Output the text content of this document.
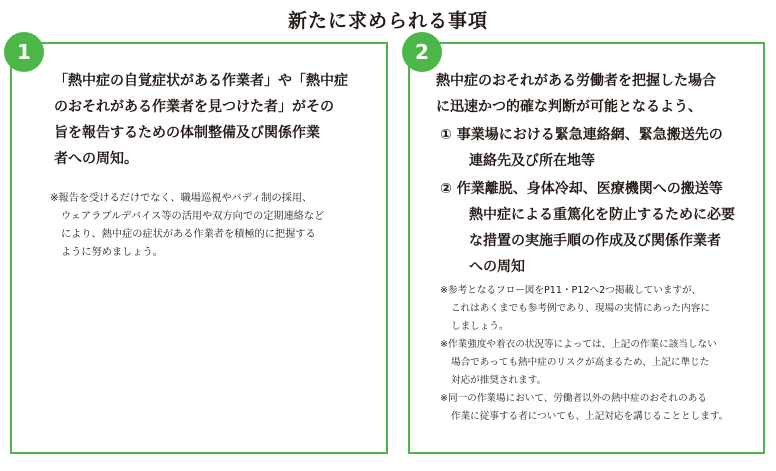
新たに求められる事項
1
「熱中症の自覚症状がある作業者」や「熱中症
のおそれがある作業者を見つけた者」がその
旨を報告するための体制整備及び関係作業
者への周知。
※報告を受けるだけでなく、職場巡視やバディ制の採用、
ウェアラブルデバイス等の活用や双方向での定期連絡など
により、熱中症の症状がある作業者を積極的に把握する
ように努めましょう。
2
熱中症のおそれがある労働者を把握した場合
に迅速かつ的確な判断が可能となるよう、
① 事業場における緊急連絡網、緊急搬送先の
連絡先及び所在地等
② 作業離脱、身体冷却、医療機関への搬送等
熱中症による重篤化を防止するために必要
な措置の実施手順の作成及び関係作業者
への周知
※参考となるフロー図をP11・P12へ2つ掲載していますが、
これはあくまでも参考例であり、現場の実情にあった内容に
しましょう。
※作業強度や着衣の状況等によっては、上記の作業に該当しない
場合であっても熱中症のリスクが高まるため、上記に準じた
対応が推奨されます。
※同一の作業場において、労働者以外の熱中症のおそれのある
作業に従事する者についても、上記対応を講じることとします。
